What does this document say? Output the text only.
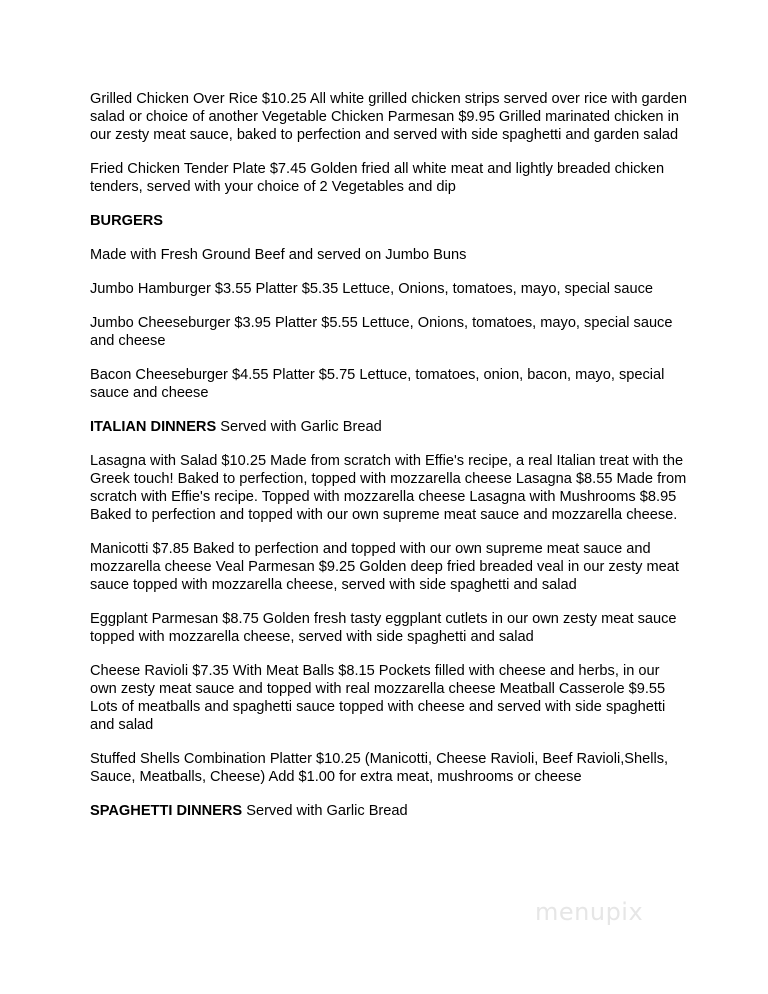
Grilled Chicken Over Rice $10.25 All white grilled chicken strips served over rice with garden salad or choice of another Vegetable Chicken Parmesan $9.95 Grilled marinated chicken in our zesty meat sauce, baked to perfection and served with side spaghetti and garden salad

Fried Chicken Tender Plate $7.45 Golden fried all white meat and lightly breaded chicken tenders, served with your choice of 2 Vegetables and dip

BURGERS

Made with Fresh Ground Beef and served on Jumbo Buns

Jumbo Hamburger $3.55 Platter $5.35 Lettuce, Onions, tomatoes, mayo, special sauce

Jumbo Cheeseburger $3.95 Platter $5.55 Lettuce, Onions, tomatoes, mayo, special sauce and cheese

Bacon Cheeseburger $4.55 Platter $5.75 Lettuce, tomatoes, onion, bacon, mayo, special sauce and cheese

ITALIAN DINNERS Served with Garlic Bread

Lasagna with Salad $10.25 Made from scratch with Effie's recipe, a real Italian treat with the Greek touch! Baked to perfection, topped with mozzarella cheese Lasagna $8.55 Made from scratch with Effie's recipe. Topped with mozzarella cheese Lasagna with Mushrooms $8.95 Baked to perfection and topped with our own supreme meat sauce and mozzarella cheese.

Manicotti $7.85 Baked to perfection and topped with our own supreme meat sauce and mozzarella cheese Veal Parmesan $9.25 Golden deep fried breaded veal in our zesty meat sauce topped with mozzarella cheese, served with side spaghetti and salad

Eggplant Parmesan $8.75 Golden fresh tasty eggplant cutlets in our own zesty meat sauce topped with mozzarella cheese, served with side spaghetti and salad

Cheese Ravioli $7.35 With Meat Balls $8.15 Pockets filled with cheese and herbs, in our own zesty meat sauce and topped with real mozzarella cheese Meatball Casserole $9.55 Lots of meatballs and spaghetti sauce topped with cheese and served with side spaghetti and salad

Stuffed Shells Combination Platter $10.25 (Manicotti, Cheese Ravioli, Beef Ravioli,Shells, Sauce, Meatballs, Cheese) Add $1.00 for extra meat, mushrooms or cheese

SPAGHETTI DINNERS Served with Garlic Bread

menupix
